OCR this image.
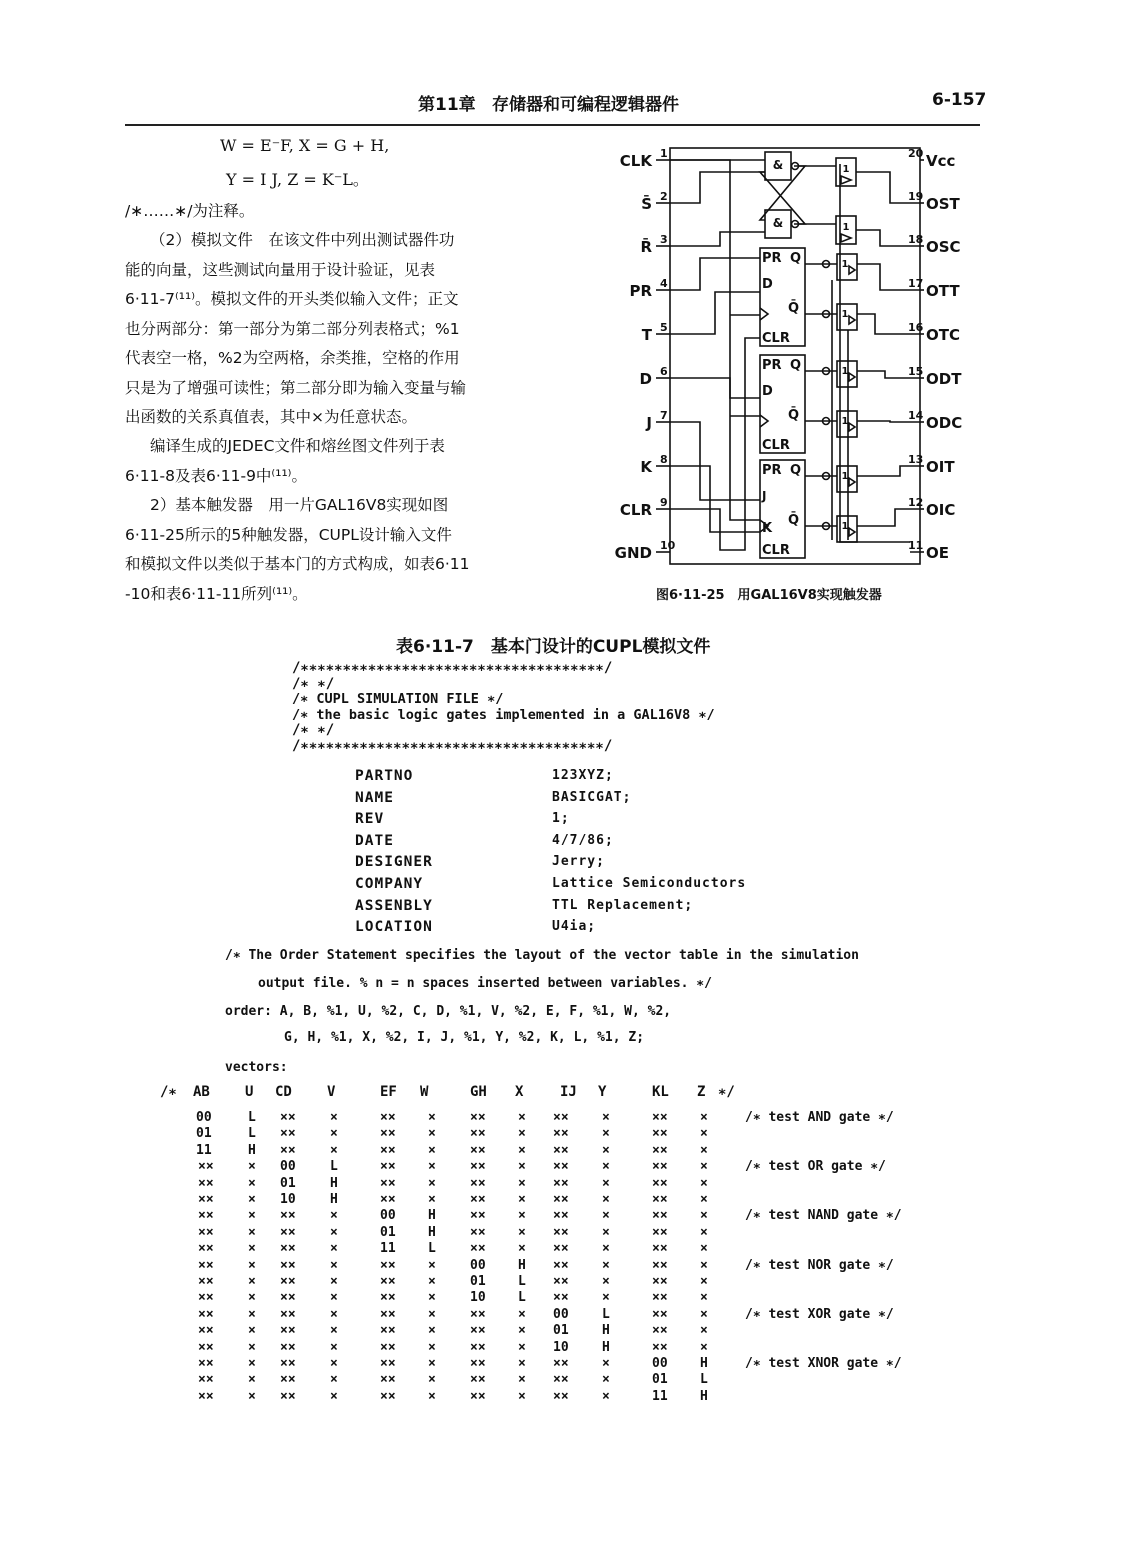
第11章 存储器和可编程逻辑器件	6-157
W = E⁻F, X = G + H,
Y = I J, Z = K⁻L。
/∗……∗/为注释。
（2）模拟文件　在该文件中列出测试器件功
能的向量，这些测试向量用于设计验证，见表
6·11-7⁽¹¹⁾。模拟文件的开头类似输入文件；正文
也分两部分：第一部分为第二部分列表格式；%1
代表空一格，%2为空两格，余类推，空格的作用
只是为了增强可读性；第二部分即为输入变量与输
出函数的关系真值表，其中×为任意状态。
编译生成的JEDEC文件和熔丝图文件列于表
6·11-8及表6·11-9中⁽¹¹⁾。
2）基本触发器　用一片GAL16V8实现如图
6·11-25所示的5种触发器，CUPL设计输入文件
和模拟文件以类似于基本门的方式构成，如表6·11
-10和表6·11-11所列⁽¹¹⁾。
CLK 1
S̄ 2
R̄ 3
PR 4
T 5
D 6
J 7
K 8
CLR 9
GND 10
20 Vcc
19 OST
18 OSC
17 OTT
16 OTC
15 ODT
14 ODC
13 OIT
12 OIC
11 OE
&
&
1
1
PR Q
Q̄
CLR
D
1
1
PR Q
Q̄
CLR
D
1
1
PR Q
Q̄
CLR
J
K
1
1
图6·11-25　用GAL16V8实现触发器
表6·11-7　基本门设计的CUPL模拟文件
/∗∗∗∗∗∗∗∗∗∗∗∗∗∗∗∗∗∗∗∗∗∗∗∗∗∗∗∗∗∗∗∗∗∗∗∗/
/∗ ∗/
/∗ CUPL SIMULATION FILE ∗/
/∗ the basic logic gates implemented in a GAL16V8 ∗/
/∗ ∗/
/∗∗∗∗∗∗∗∗∗∗∗∗∗∗∗∗∗∗∗∗∗∗∗∗∗∗∗∗∗∗∗∗∗∗∗∗/
PARTNO	123XYZ;
NAME	BASICGAT;
REV	1;
DATE	4/7/86;
DESIGNER	Jerry;
COMPANY	Lattice Semiconductors
ASSENBLY	TTL Replacement;
LOCATION	U4ia;
/∗ The Order Statement specifies the layout of the vector table in the simulation
output file. % n = n spaces inserted between variables. ∗/
order: A, B, %1, U, %2, C, D, %1, V, %2, E, F, %1, W, %2,
G, H, %1, X, %2, I, J, %1, Y, %2, K, L, %1, Z;
vectors:
/∗ AB	U CD	V	EF W	GH X	IJ Y	KL Z ∗/
00	L ××	×	×× ×	×× × ××	×	×× ×	/∗ test AND gate ∗/
01	L ××	×	×× ×	×× × ××	×	×× ×
11	H ××	×	×× ×	×× × ××	×	×× ×
××	× 00	L	×× ×	×× × ××	×	×× ×	/∗ test OR gate ∗/
××	× 01	H	×× ×	×× × ××	×	×× ×
××	× 10	H	×× ×	×× × ××	×	×× ×
××	× ××	×	00 H	×× × ××	×	×× ×	/∗ test NAND gate ∗/
××	× ××	×	01 H	×× × ××	×	×× ×
××	× ××	×	11 L	×× × ××	×	×× ×
××	× ××	×	×× ×	00 H ××	×	×× ×	/∗ test NOR gate ∗/
××	× ××	×	×× ×	01 L ××	×	×× ×
××	× ××	×	×× ×	10 L ××	×	×× ×
××	× ××	×	×× ×	×× × 00	L	×× ×	/∗ test XOR gate ∗/
××	× ××	×	×× ×	×× × 01	H	×× ×
××	× ××	×	×× ×	×× × 10	H	×× ×
××	× ××	×	×× ×	×× × ××	×	00 H	/∗ test XNOR gate ∗/
××	× ××	×	×× ×	×× × ××	×	01 L
××	× ××	×	×× ×	×× × ××	×	11 H
